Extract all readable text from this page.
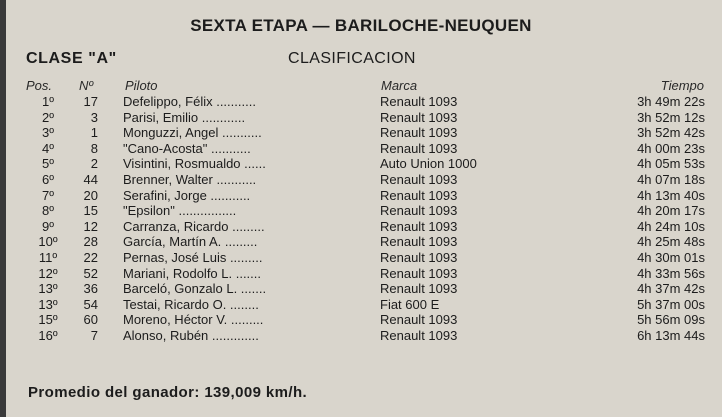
SEXTA ETAPA — BARILOCHE-NEUQUEN
CLASE "A"	CLASIFICACION
Pos. Nº Piloto	Marca	Tiempo
1º	17 Defelippo, Félix ...........	Renault 1093	3h 49m 22s
2º	3 Parisi, Emilio ............	Renault 1093	3h 52m 12s
3º	1 Monguzzi, Angel ...........	Renault 1093	3h 52m 42s
4º	8 "Cano-Acosta" ...........	Renault 1093	4h 00m 23s
5º	2 Visintini, Rosmualdo ......	Auto Union 1000	4h 05m 53s
6º	44 Brenner, Walter ...........	Renault 1093	4h 07m 18s
7º	20 Serafini, Jorge ...........	Renault 1093	4h 13m 40s
8º	15 "Epsilon" ................	Renault 1093	4h 20m 17s
9º	12 Carranza, Ricardo .........	Renault 1093	4h 24m 10s
10º	28 García, Martín A. .........	Renault 1093	4h 25m 48s
11º	22 Pernas, José Luis .........	Renault 1093	4h 30m 01s
12º	52 Mariani, Rodolfo L. .......	Renault 1093	4h 33m 56s
13º	36 Barceló, Gonzalo L. .......	Renault 1093	4h 37m 42s
13º	54 Testai, Ricardo O. ........	Fiat 600 E	5h 37m 00s
15º	60 Moreno, Héctor V. .........	Renault 1093	5h 56m 09s
16º	7 Alonso, Rubén .............	Renault 1093	6h 13m 44s
Promedio del ganador: 139,009 km/h.
